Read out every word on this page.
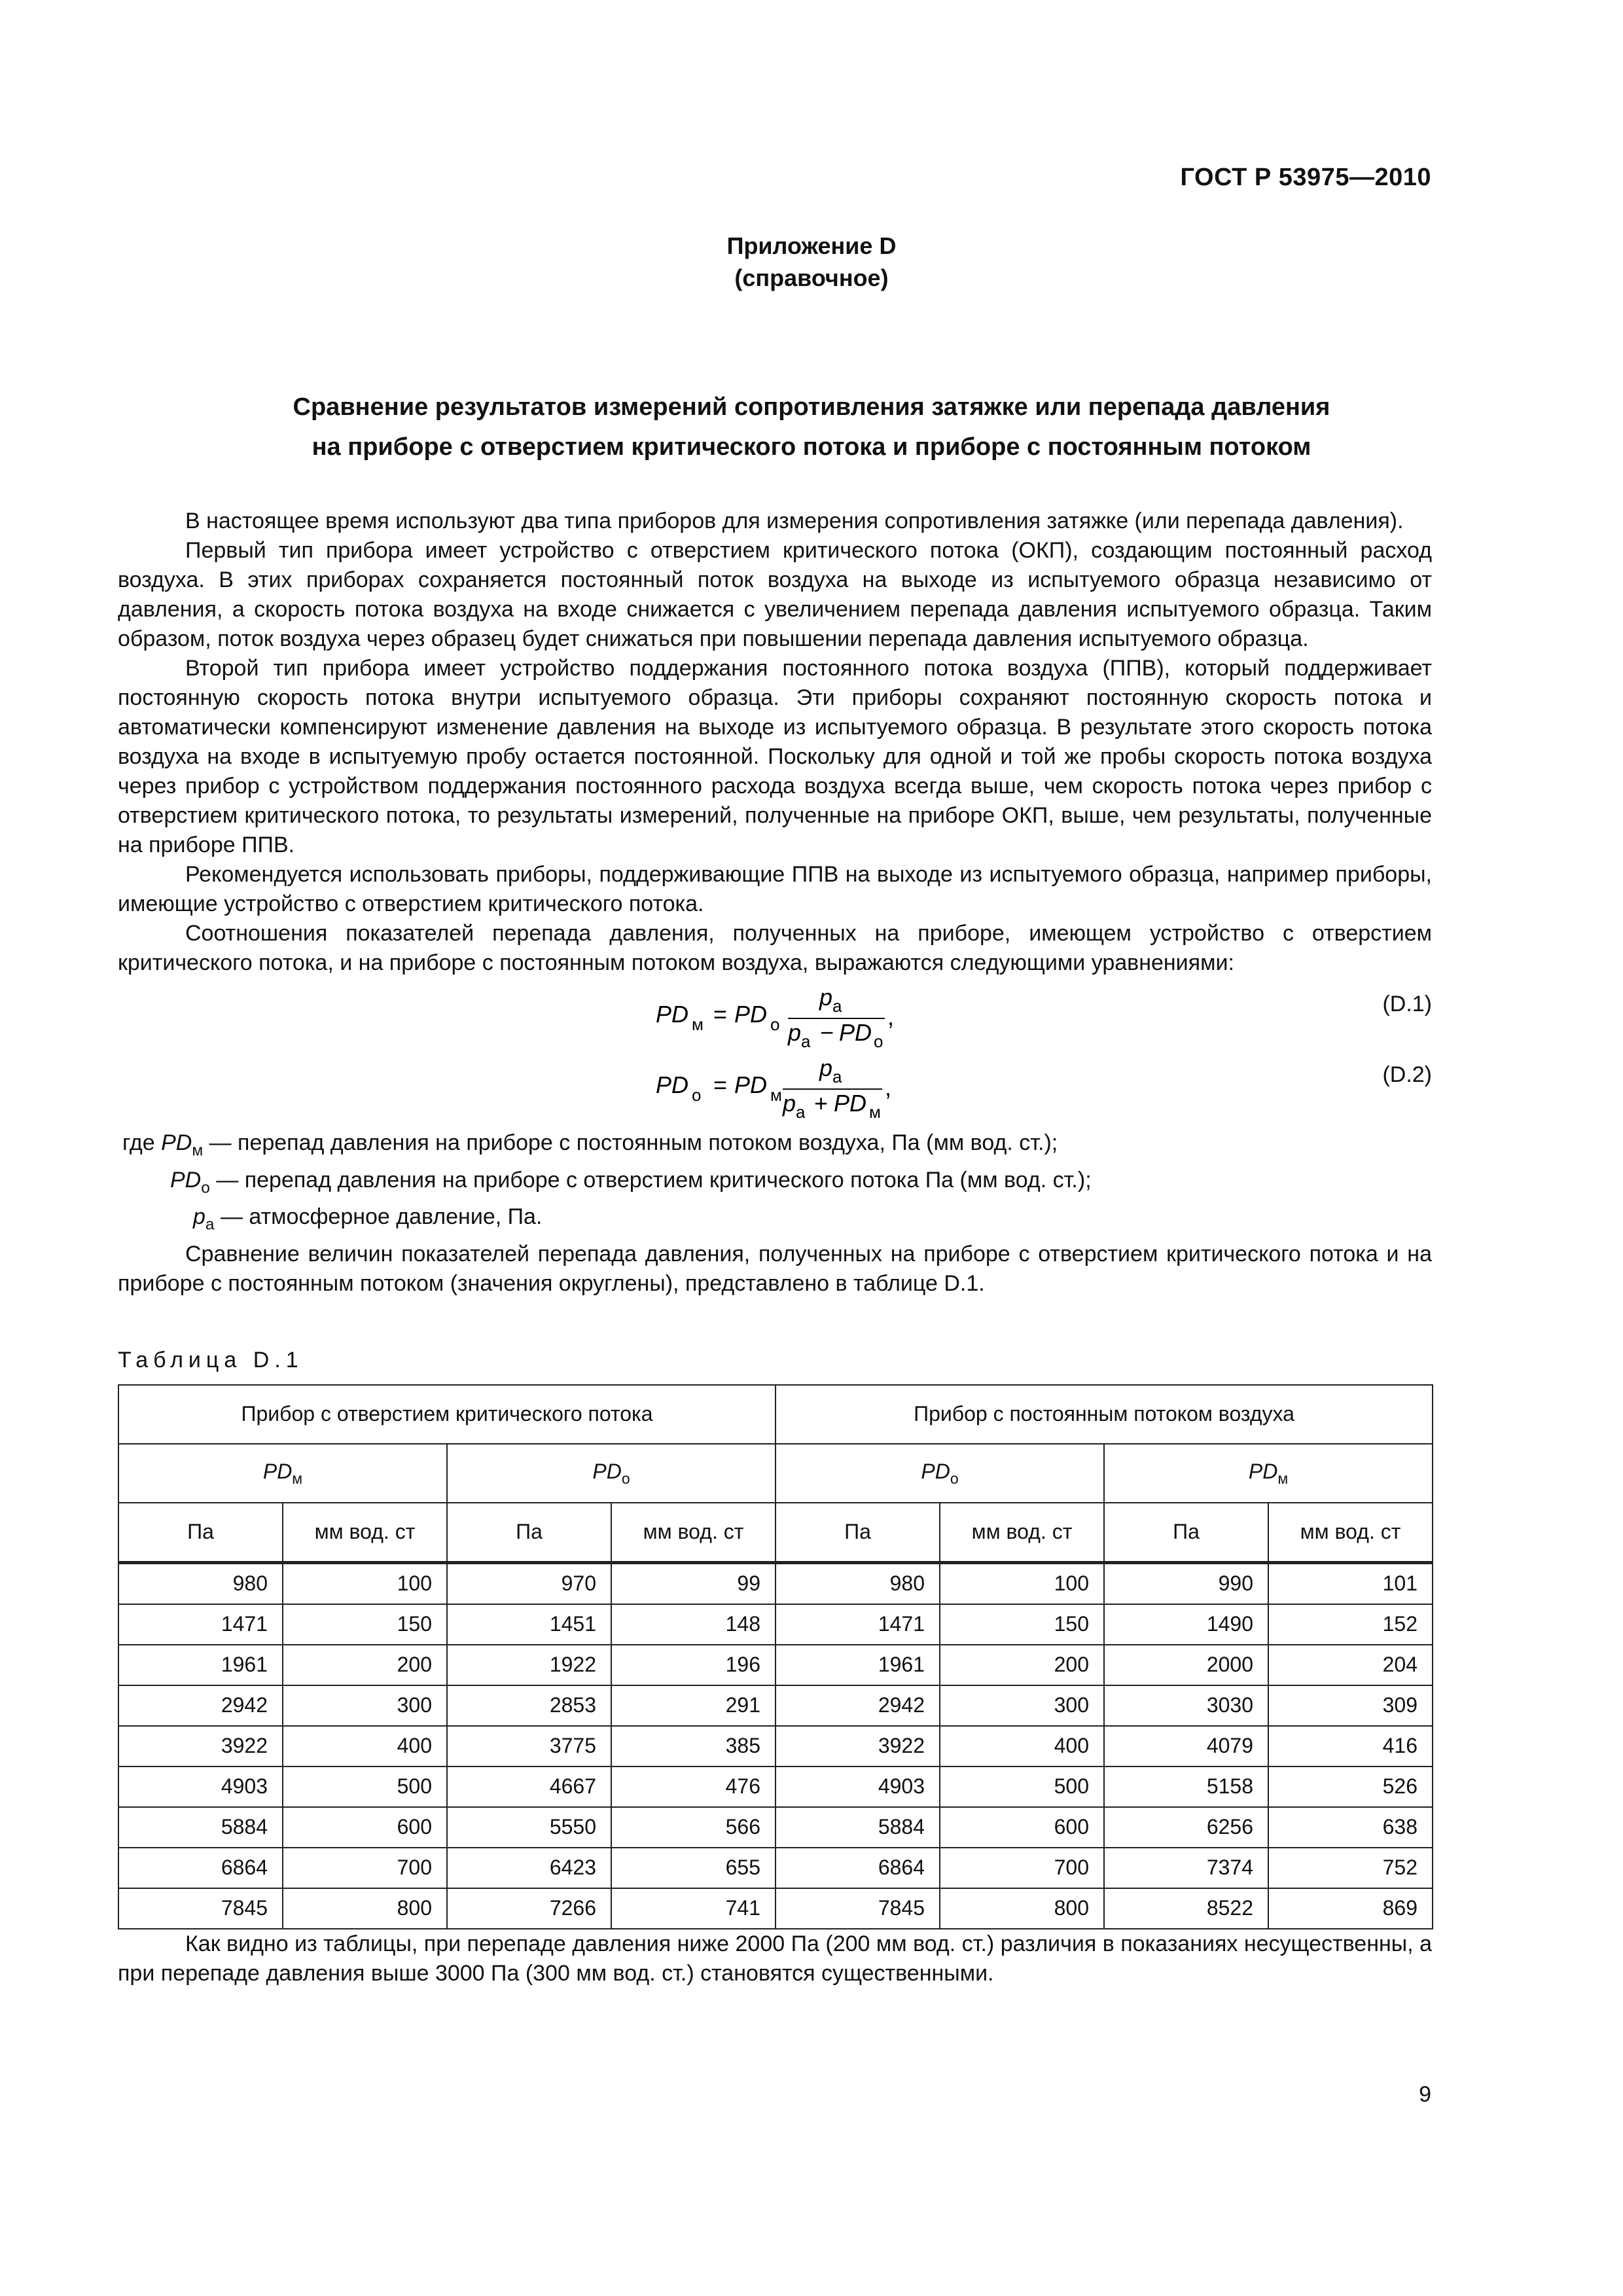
ГОСТ Р 53975—2010
Приложение D
(справочное)
Сравнение результатов измерений сопротивления затяжке или перепада давления
на приборе с отверстием критического потока и приборе с постоянным потоком

В настоящее время используют два типа приборов для измерения сопротивления затяжке (или перепада давления).

Первый тип прибора имеет устройство с отверстием критического потока (ОКП), создающим постоянный расход воздуха. В этих приборах сохраняется постоянный поток воздуха на выходе из испытуемого образца независимо от давления, а скорость потока воздуха на входе снижается с увеличением перепада давления испытуемого образца. Таким образом, поток воздуха через образец будет снижаться при повышении перепада давления испытуемого образца.

Второй тип прибора имеет устройство поддержания постоянного потока воздуха (ППВ), который поддерживает постоянную скорость потока внутри испытуемого образца. Эти приборы сохраняют постоянную скорость потока и автоматически компенсируют изменение давления на выходе из испытуемого образца. В результате этого скорость потока воздуха на входе в испытуемую пробу остается постоянной. Поскольку для одной и той же пробы скорость потока воздуха через прибор с устройством поддержания постоянного расхода воздуха всегда выше, чем скорость потока через прибор с отверстием критического потока, то результаты измерений, полученные на приборе ОКП, выше, чем результаты, полученные на приборе ППВ.

Рекомендуется использовать приборы, поддерживающие ППВ на выходе из испытуемого образца, например приборы, имеющие устройство с отверстием критического потока.

Соотношения показателей перепада давления, полученных на приборе, имеющем устройство с отверстием критического потока, и на приборе с постоянным потоком воздуха, выражаются следующими уравнениями:

PD м = PD о
p a
p a − PD о
,	(D.1)
PD о = PD м
p a
p a + PD м
,	(D.2)
где $PD_м$ — перепад давления на приборе с постоянным потоком воздуха, Па (мм вод. ст.);
$PD_о$ — перепад давления на приборе с отверстием критического потока Па (мм вод. ст.);
$p_a$ — атмосферное давление, Па.

Сравнение величин показателей перепада давления, полученных на приборе с отверстием критического потока и на приборе с постоянным потоком (значения округлены), представлено в таблице D.1.

Таблица D.1
Прибор с отверстием критического потока				Прибор с постоянным потоком воздуха			
$PD_м$		$PD_о$		$PD_о$		$PD_м$
Па	мм вод. ст	Па	мм вод. ст	Па	мм вод. ст	Па	мм вод. ст
980	100	970	99	980	100	990	101
1471	150	1451	148	1471	150	1490	152
1961	200	1922	196	1961	200	2000	204
2942	300	2853	291	2942	300	3030	309
3922	400	3775	385	3922	400	4079	416
4903	500	4667	476	4903	500	5158	526
5884	600	5550	566	5884	600	6256	638
6864	700	6423	655	6864	700	7374	752
7845	800	7266	741	7845	800	8522	869

Как видно из таблицы, при перепаде давления ниже 2000 Па (200 мм вод. ст.) различия в показаниях несущественны, а при перепаде давления выше 3000 Па (300 мм вод. ст.) становятся существенными.

9
